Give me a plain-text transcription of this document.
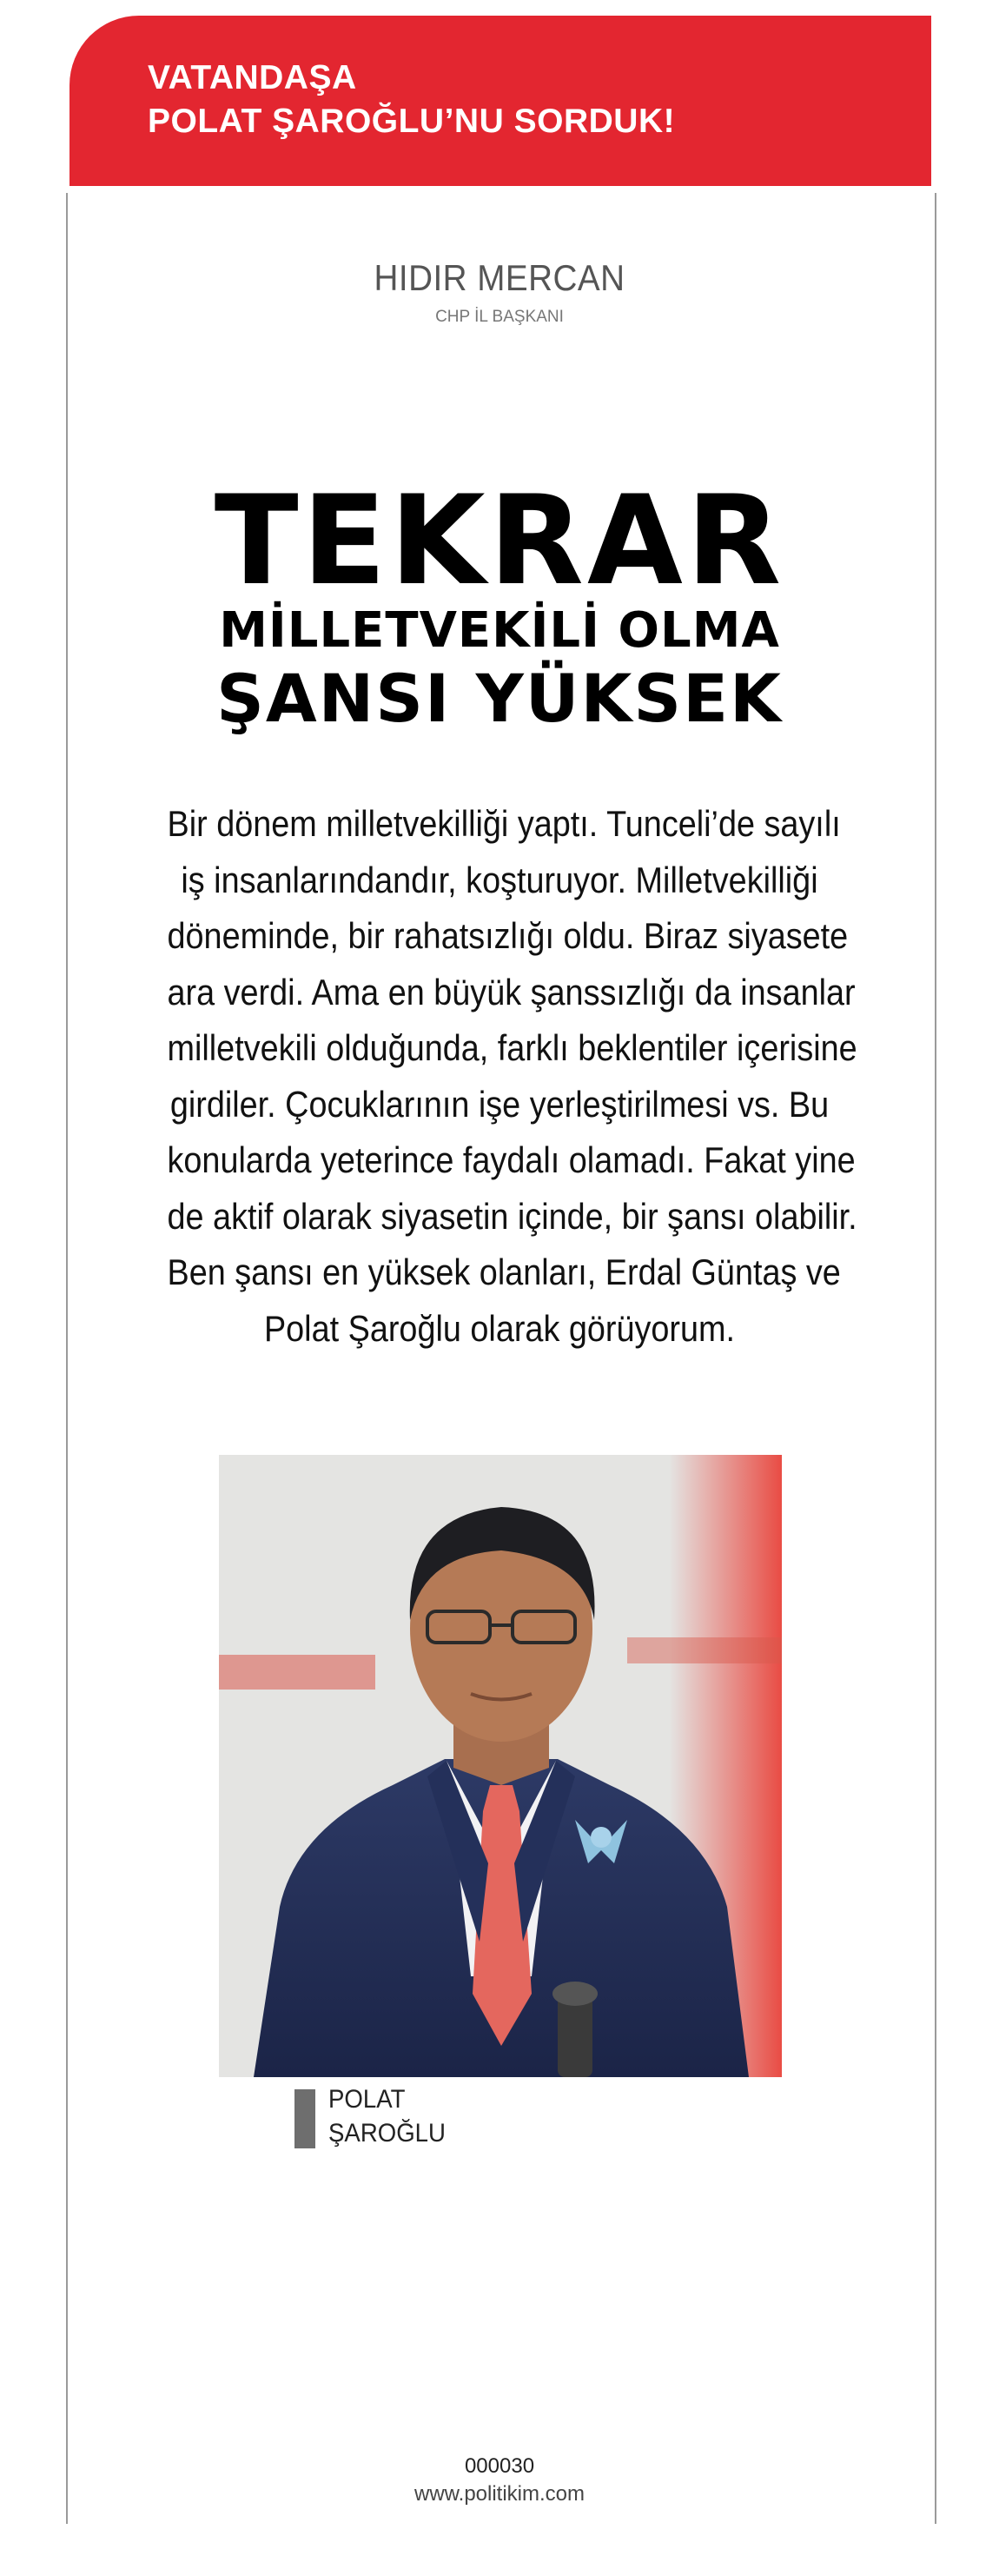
VATANDAŞA
POLAT ŞAROĞLU’NU SORDUK!
HIDIR MERCAN
CHP İL BAŞKANI
TEKRAR
MİLLETVEKİLİ OLMA
ŞANSI YÜKSEK
Bir dönem milletvekilliği yaptı. Tunceli’de sayılı
iş insanlarındandır, koşturuyor. Milletvekilliği
döneminde, bir rahatsızlığı oldu. Biraz siyasete
ara verdi. Ama en büyük şanssızlığı da insanlar
milletvekili olduğunda, farklı beklentiler içerisine
girdiler. Çocuklarının işe yerleştirilmesi vs. Bu
konularda yeterince faydalı olamadı. Fakat yine
de aktif olarak siyasetin içinde, bir şansı olabilir.
Ben şansı en yüksek olanları, Erdal Güntaş ve
Polat Şaroğlu olarak görüyorum.
POLAT
ŞAROĞLU
000030
www.politikim.com
